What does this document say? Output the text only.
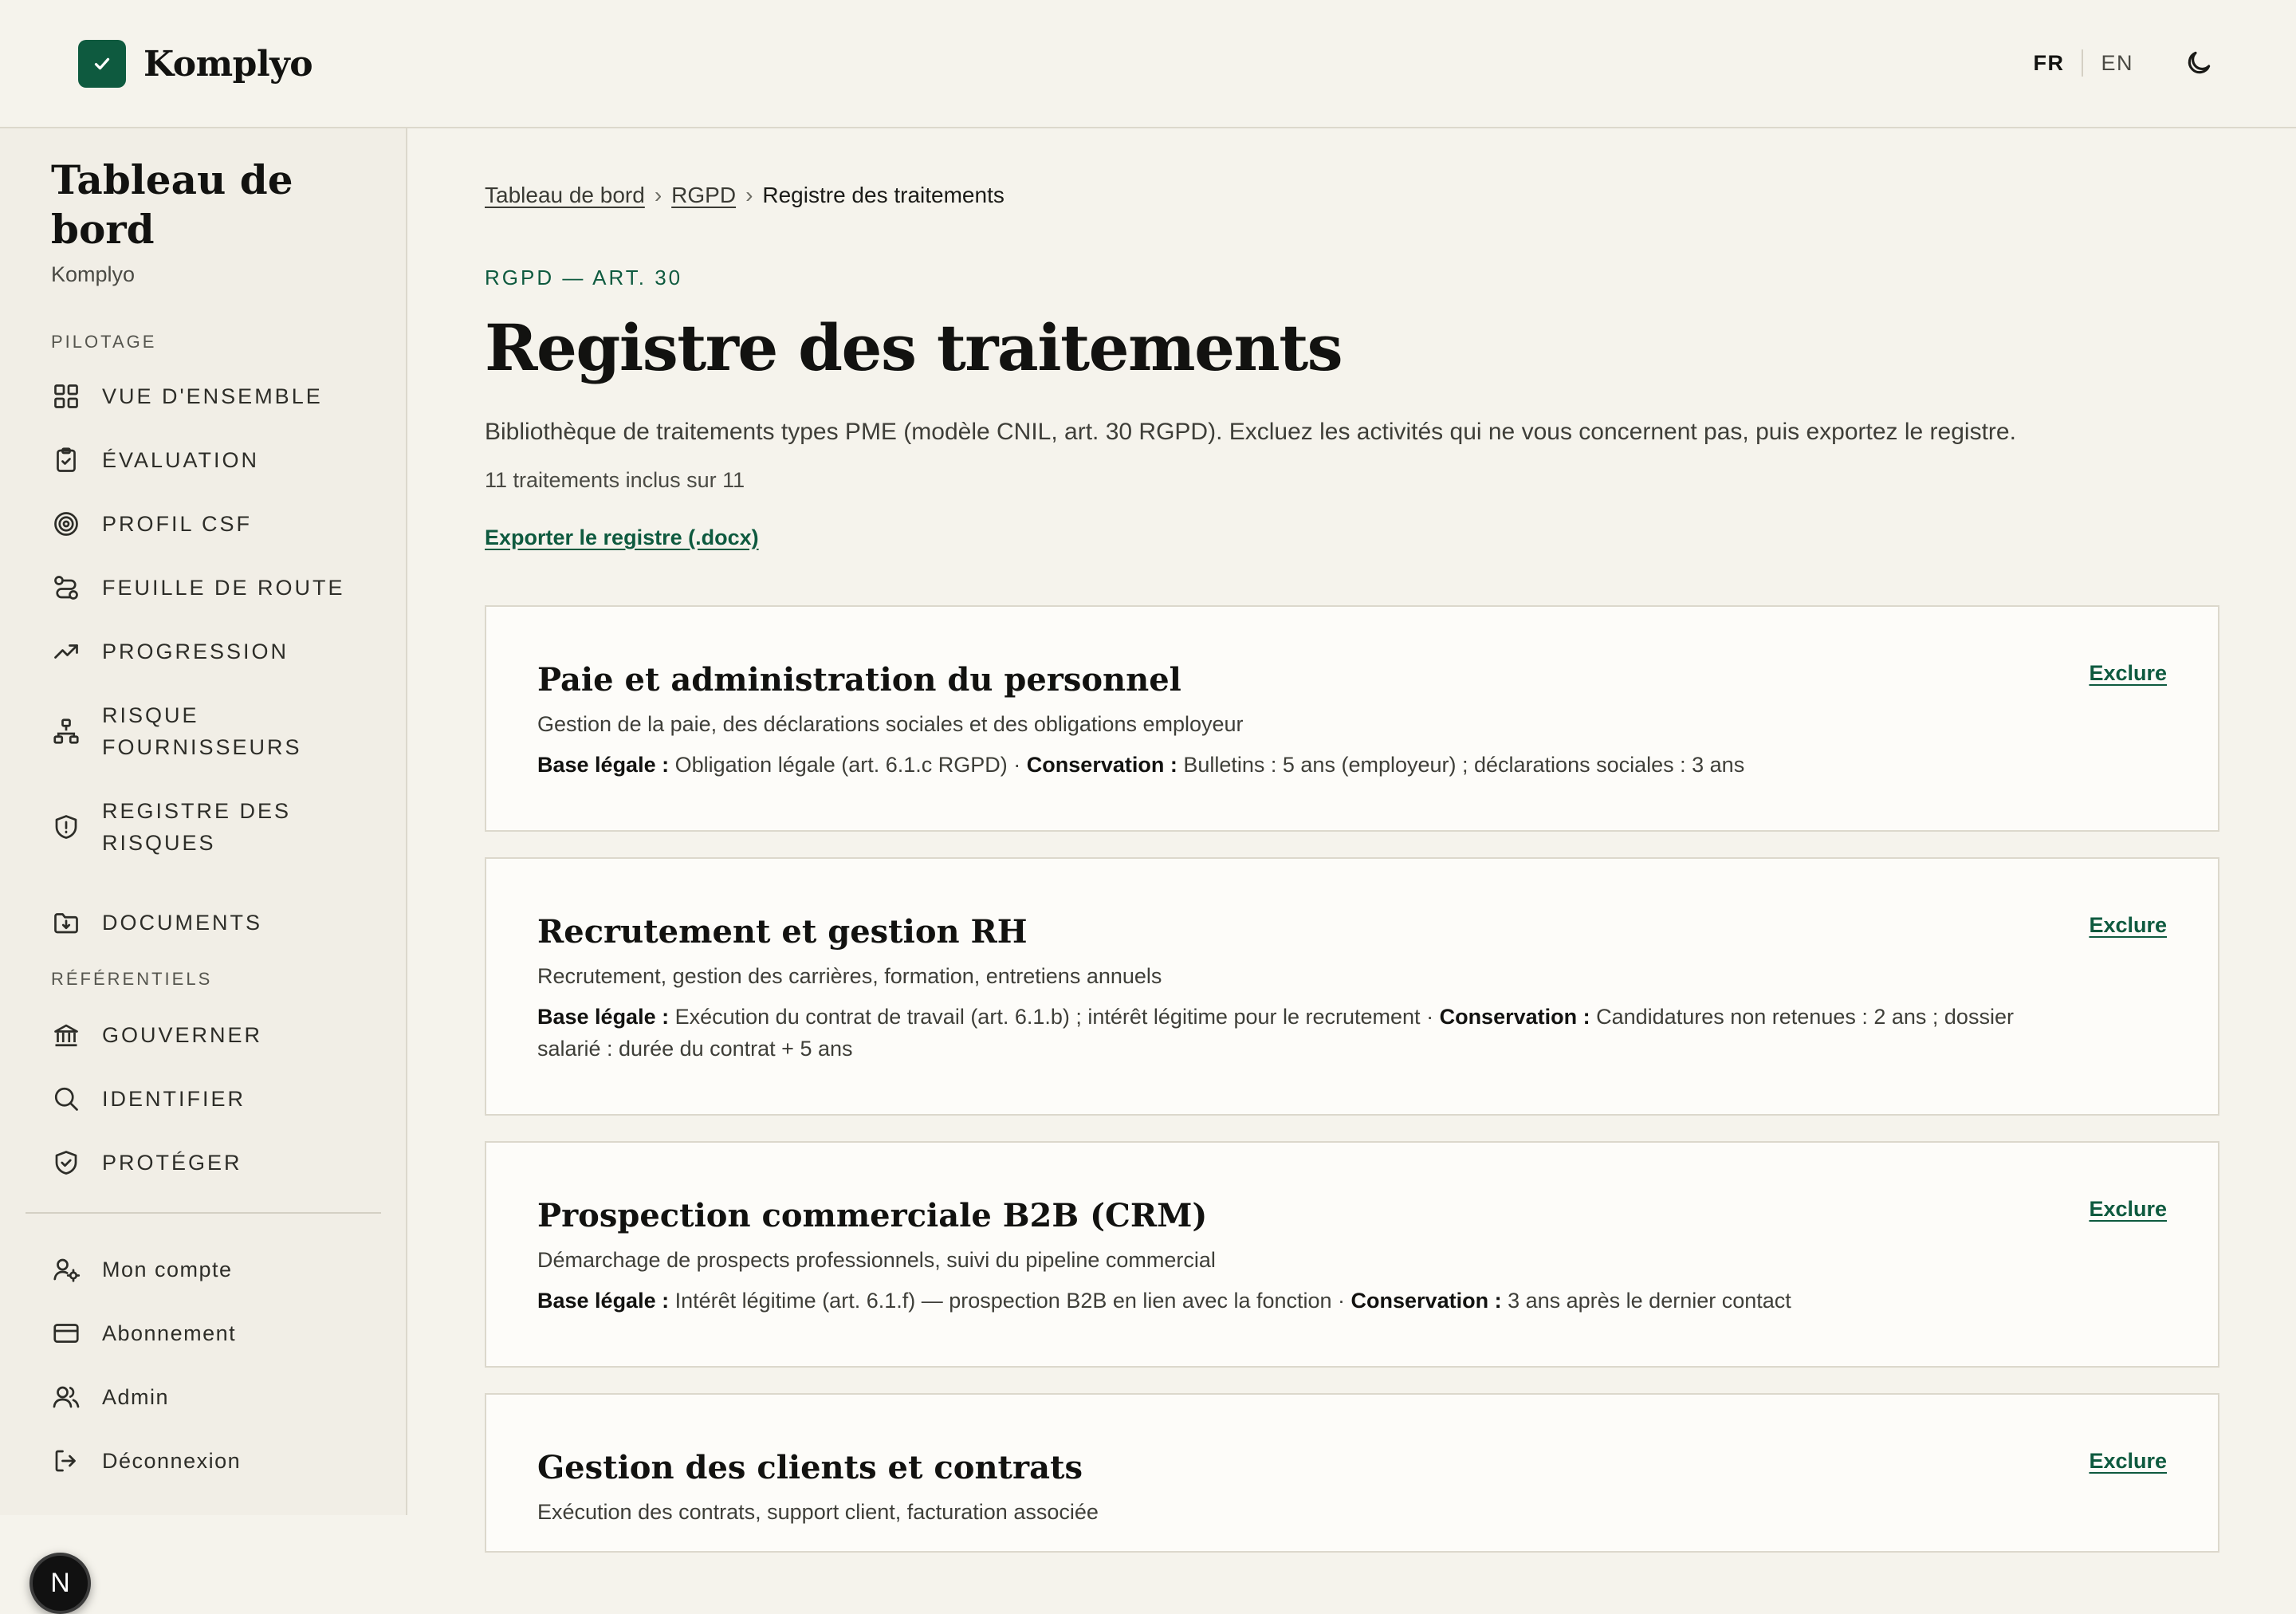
Komplyo	FR EN
Tableau de bord
Komplyo
PILOTAGE
VUE D'ENSEMBLE
ÉVALUATION
PROFIL CSF
FEUILLE DE ROUTE
PROGRESSION
RISQUE FOURNISSEURS
REGISTRE DES RISQUES
DOCUMENTS
RÉFÉRENTIELS
GOUVERNER
IDENTIFIER
PROTÉGER
Mon compte
Abonnement
Admin
Déconnexion
N
Tableau de bord › RGPD › Registre des traitements
RGPD — ART. 30
Registre des traitements

Bibliothèque de traitements types PME (modèle CNIL, art. 30 RGPD). Excluez les activités qui ne vous concernent pas, puis exportez le registre.

11 traitements inclus sur 11

Exporter le registre (.docx)
Paie et administration du personnel	Exclure

Gestion de la paie, des déclarations sociales et des obligations employeur

Base légale : Obligation légale (art. 6.1.c RGPD) · Conservation : Bulletins : 5 ans (employeur) ; déclarations sociales : 3 ans

Recrutement et gestion RH	Exclure

Recrutement, gestion des carrières, formation, entretiens annuels

Base légale : Exécution du contrat de travail (art. 6.1.b) ; intérêt légitime pour le recrutement · Conservation : Candidatures non retenues : 2 ans ; dossier salarié : durée du contrat + 5 ans

Prospection commerciale B2B (CRM)	Exclure

Démarchage de prospects professionnels, suivi du pipeline commercial

Base légale : Intérêt légitime (art. 6.1.f) — prospection B2B en lien avec la fonction · Conservation : 3 ans après le dernier contact

Gestion des clients et contrats	Exclure

Exécution des contrats, support client, facturation associée
